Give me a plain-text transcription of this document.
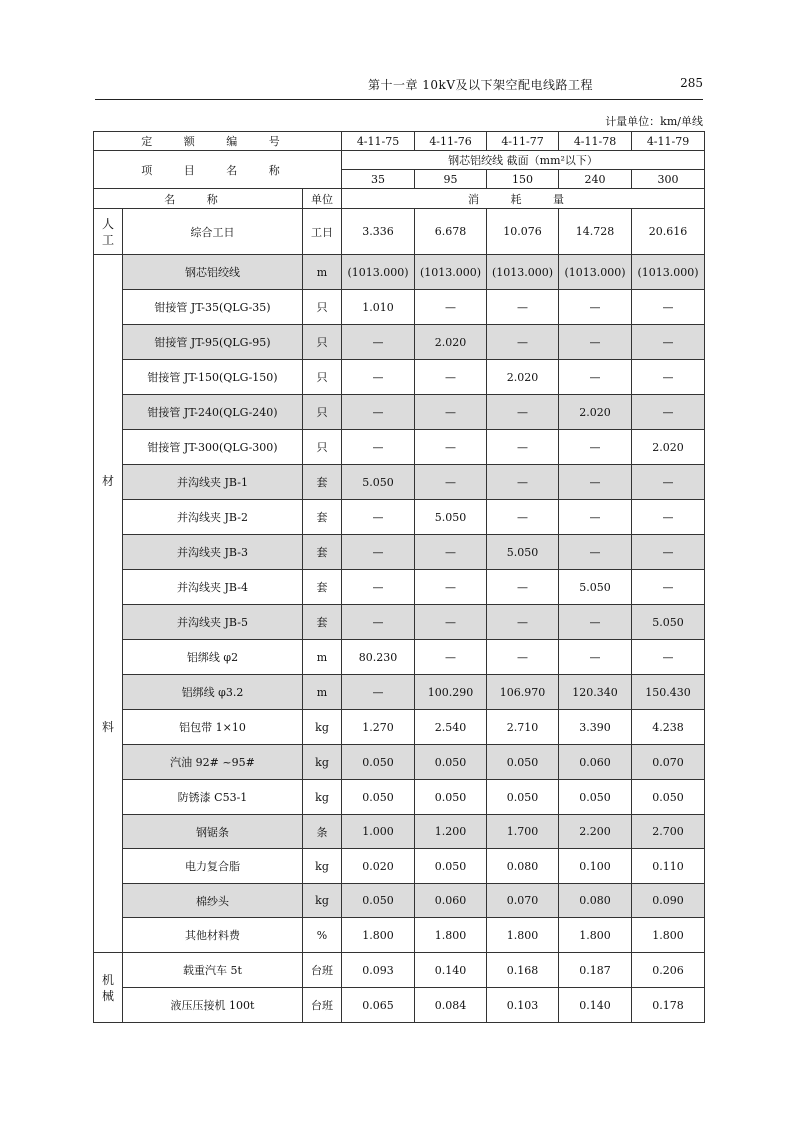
第十一章 10kV及以下架空配电线路工程	285
计量单位：km/单线
定 额 编 号			4-11-75	4-11-76	4-11-77	4-11-78	4-11-79
项 目 名 称			钢芯铝绞线 截面（mm²以下）				
			35	95	150	240	300
名 称		单位	消 耗 量				
人工	综合工日	工日	3.336	6.678	10.076	14.728	20.616
材
料	钢芯铝绞线	m	(1013.000)	(1013.000)	(1013.000)	(1013.000)	(1013.000)
	钳接管 JT-35(QLG-35)	只	1.010	—	—	—	—
	钳接管 JT-95(QLG-95)	只	—	2.020	—	—	—
	钳接管 JT-150(QLG-150)	只	—	—	2.020	—	—
	钳接管 JT-240(QLG-240)	只	—	—	—	2.020	—
	钳接管 JT-300(QLG-300)	只	—	—	—	—	2.020
	并沟线夹 JB-1	套	5.050	—	—	—	—
	并沟线夹 JB-2	套	—	5.050	—	—	—
	并沟线夹 JB-3	套	—	—	5.050	—	—
	并沟线夹 JB-4	套	—	—	—	5.050	—
	并沟线夹 JB-5	套	—	—	—	—	5.050
	铝绑线 φ2	m	80.230	—	—	—	—
	铝绑线 φ3.2	m	—	100.290	106.970	120.340	150.430
	铝包带 1×10	kg	1.270	2.540	2.710	3.390	4.238
	汽油 92# ~95#	kg	0.050	0.050	0.050	0.060	0.070
	防锈漆 C53-1	kg	0.050	0.050	0.050	0.050	0.050
	钢锯条	条	1.000	1.200	1.700	2.200	2.700
	电力复合脂	kg	0.020	0.050	0.080	0.100	0.110
	棉纱头	kg	0.050	0.060	0.070	0.080	0.090
	其他材料费	%	1.800	1.800	1.800	1.800	1.800
机械	载重汽车 5t	台班	0.093	0.140	0.168	0.187	0.206
	液压压接机 100t	台班	0.065	0.084	0.103	0.140	0.178
